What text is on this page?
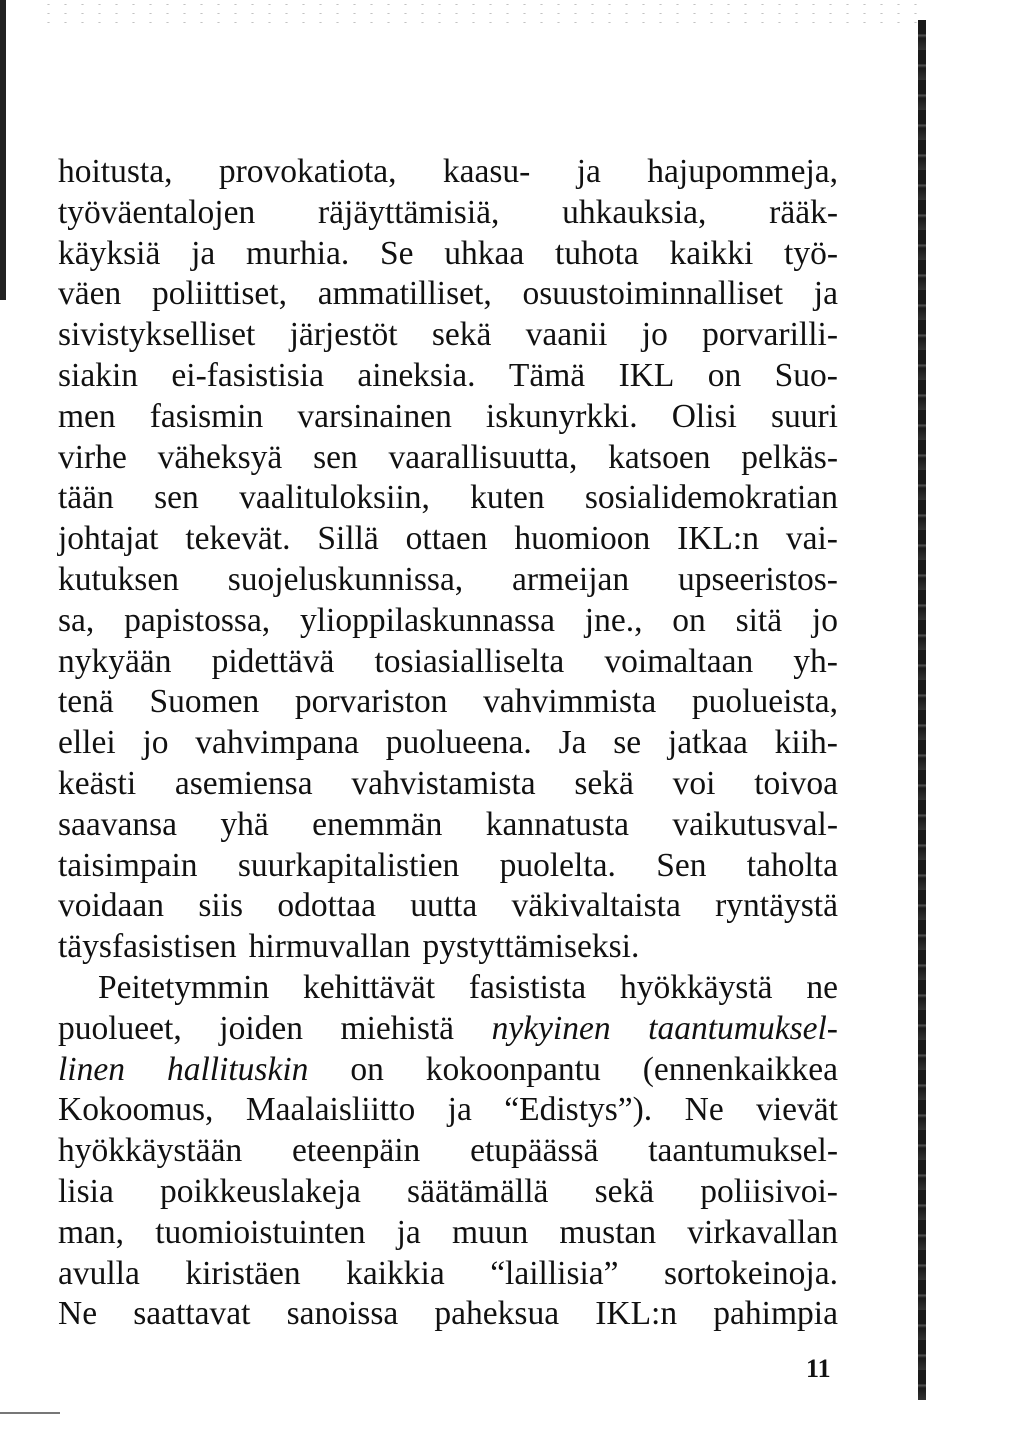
hoitusta, provokatiota, kaasu- ja hajupommeja,
työväentalojen räjäyttämisiä, uhkauksia, rääk-
käyksiä ja murhia. Se uhkaa tuhota kaikki työ-
väen poliittiset, ammatilliset, osuustoiminnalliset ja
sivistykselliset järjestöt sekä vaanii jo porvarilli-
siakin ei-fasistisia aineksia. Tämä IKL on Suo-
men fasismin varsinainen iskunyrkki. Olisi suuri
virhe väheksyä sen vaarallisuutta, katsoen pelkäs-
tään sen vaalituloksiin, kuten sosialidemokratian
johtajat tekevät. Sillä ottaen huomioon IKL:n vai-
kutuksen suojeluskunnissa, armeijan upseeristos-
sa, papistossa, ylioppilaskunnassa jne., on sitä jo
nykyään pidettävä tosiasialliselta voimaltaan yh-
tenä Suomen porvariston vahvimmista puolueista,
ellei jo vahvimpana puolueena. Ja se jatkaa kiih-
keästi asemiensa vahvistamista sekä voi toivoa
saavansa yhä enemmän kannatusta vaikutusval-
taisimpain suurkapitalistien puolelta. Sen taholta
voidaan siis odottaa uutta väkivaltaista ryntäystä
täysfasistisen hirmuvallan pystyttämiseksi.
Peitetymmin kehittävät fasistista hyökkäystä ne
puolueet, joiden miehistä nykyinen taantumuksel-
linen hallituskin on kokoonpantu (ennenkaikkea
Kokoomus, Maalaisliitto ja “Edistys”). Ne vievät
hyökkäystään eteenpäin etupäässä taantumuksel-
lisia poikkeuslakeja säätämällä sekä poliisivoi-
man, tuomioistuinten ja muun mustan virkavallan
avulla kiristäen kaikkia “laillisia” sortokeinoja.
Ne saattavat sanoissa paheksua IKL:n pahimpia
11
